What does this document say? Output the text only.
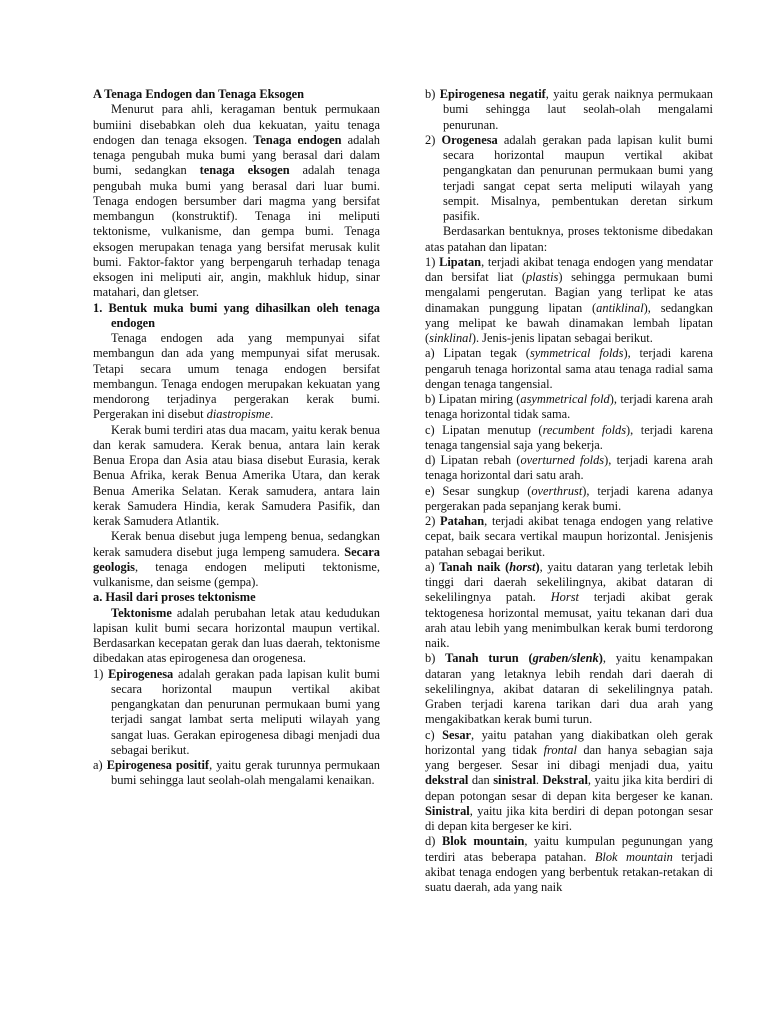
A Tenaga Endogen dan Tenaga Eksogen

Menurut para ahli, keragaman bentuk permukaan bumiini disebabkan oleh dua kekuatan, yaitu tenaga endogen dan tenaga eksogen. Tenaga endogen adalah tenaga pengubah muka bumi yang berasal dari dalam bumi, sedangkan tenaga eksogen adalah tenaga pengubah muka bumi yang berasal dari luar bumi. Tenaga endogen bersumber dari magma yang bersifat membangun (konstruktif). Tenaga ini meliputi tektonisme, vulkanisme, dan gempa bumi. Tenaga eksogen merupakan tenaga yang bersifat merusak kulit bumi. Faktor-faktor yang berpengaruh terhadap tenaga eksogen ini meliputi air, angin, makhluk hidup, sinar matahari, dan gletser.

1. Bentuk muka bumi yang dihasilkan oleh tenaga endogen

Tenaga endogen ada yang mempunyai sifat membangun dan ada yang mempunyai sifat merusak. Tetapi secara umum tenaga endogen bersifat membangun. Tenaga endogen merupakan kekuatan yang mendorong terjadinya pergerakan kerak bumi. Pergerakan ini disebut diastropisme.

Kerak bumi terdiri atas dua macam, yaitu kerak benua dan kerak samudera. Kerak benua, antara lain kerak Benua Eropa dan Asia atau biasa disebut Eurasia, kerak Benua Afrika, kerak Benua Amerika Utara, dan kerak Benua Amerika Selatan. Kerak samudera, antara lain kerak Samudera Hindia, kerak Samudera Pasifik, dan kerak Samudera Atlantik.

Kerak benua disebut juga lempeng benua, sedangkan kerak samudera disebut juga lempeng samudera. Secara geologis, tenaga endogen meliputi tektonisme, vulkanisme, dan seisme (gempa).

a. Hasil dari proses tektonisme

Tektonisme adalah perubahan letak atau kedudukan lapisan kulit bumi secara horizontal maupun vertikal. Berdasarkan kecepatan gerak dan luas daerah, tektonisme dibedakan atas epirogenesa dan orogenesa.

1) Epirogenesa adalah gerakan pada lapisan kulit bumi secara horizontal maupun vertikal akibat pengangkatan dan penurunan permukaan bumi yang terjadi sangat lambat serta meliputi wilayah yang sangat luas. Gerakan epirogenesa dibagi menjadi dua sebagai berikut.

a) Epirogenesa positif, yaitu gerak turunnya permukaan bumi sehingga laut seolah-olah mengalami kenaikan.

b) Epirogenesa negatif, yaitu gerak naiknya permukaan bumi sehingga laut seolah-olah mengalami penurunan.

2) Orogenesa adalah gerakan pada lapisan kulit bumi secara horizontal maupun vertikal akibat pengangkatan dan penurunan permukaan bumi yang terjadi sangat cepat serta meliputi wilayah yang sempit. Misalnya, pembentukan deretan sirkum pasifik.

Berdasarkan bentuknya, proses tektonisme dibedakan atas patahan dan lipatan:

1) Lipatan, terjadi akibat tenaga endogen yang mendatar dan bersifat liat (plastis) sehingga permukaan bumi mengalami pengerutan. Bagian yang terlipat ke atas dinamakan punggung lipatan (antiklinal), sedangkan yang melipat ke bawah dinamakan lembah lipatan (sinklinal). Jenis-jenis lipatan sebagai berikut.

a) Lipatan tegak (symmetrical folds), terjadi karena pengaruh tenaga horizontal sama atau tenaga radial sama dengan tenaga tangensial.

b) Lipatan miring (asymmetrical fold), terjadi karena arah tenaga horizontal tidak sama.

c) Lipatan menutup (recumbent folds), terjadi karena tenaga tangensial saja yang bekerja.

d) Lipatan rebah (overturned folds), terjadi karena arah tenaga horizontal dari satu arah.

e) Sesar sungkup (overthrust), terjadi karena adanya pergerakan pada sepanjang kerak bumi.

2) Patahan, terjadi akibat tenaga endogen yang relative cepat, baik secara vertikal maupun horizontal. Jenisjenis patahan sebagai berikut.

a) Tanah naik (horst), yaitu dataran yang terletak lebih tinggi dari daerah sekelilingnya, akibat dataran di sekelilingnya patah. Horst terjadi akibat gerak tektogenesa horizontal memusat, yaitu tekanan dari dua arah atau lebih yang menimbulkan kerak bumi terdorong naik.

b) Tanah turun (graben/slenk), yaitu kenampakan dataran yang letaknya lebih rendah dari daerah di sekelilingnya, akibat dataran di sekelilingnya patah. Graben terjadi karena tarikan dari dua arah yang mengakibatkan kerak bumi turun.

c) Sesar, yaitu patahan yang diakibatkan oleh gerak horizontal yang tidak frontal dan hanya sebagian saja yang bergeser. Sesar ini dibagi menjadi dua, yaitu dekstral dan sinistral. Dekstral, yaitu jika kita berdiri di depan potongan sesar di depan kita bergeser ke kanan. Sinistral, yaitu jika kita berdiri di depan potongan sesar di depan kita bergeser ke kiri.

d) Blok mountain, yaitu kumpulan pegunungan yang terdiri atas beberapa patahan. Blok mountain terjadi akibat tenaga endogen yang berbentuk retakan-retakan di suatu daerah, ada yang naik
